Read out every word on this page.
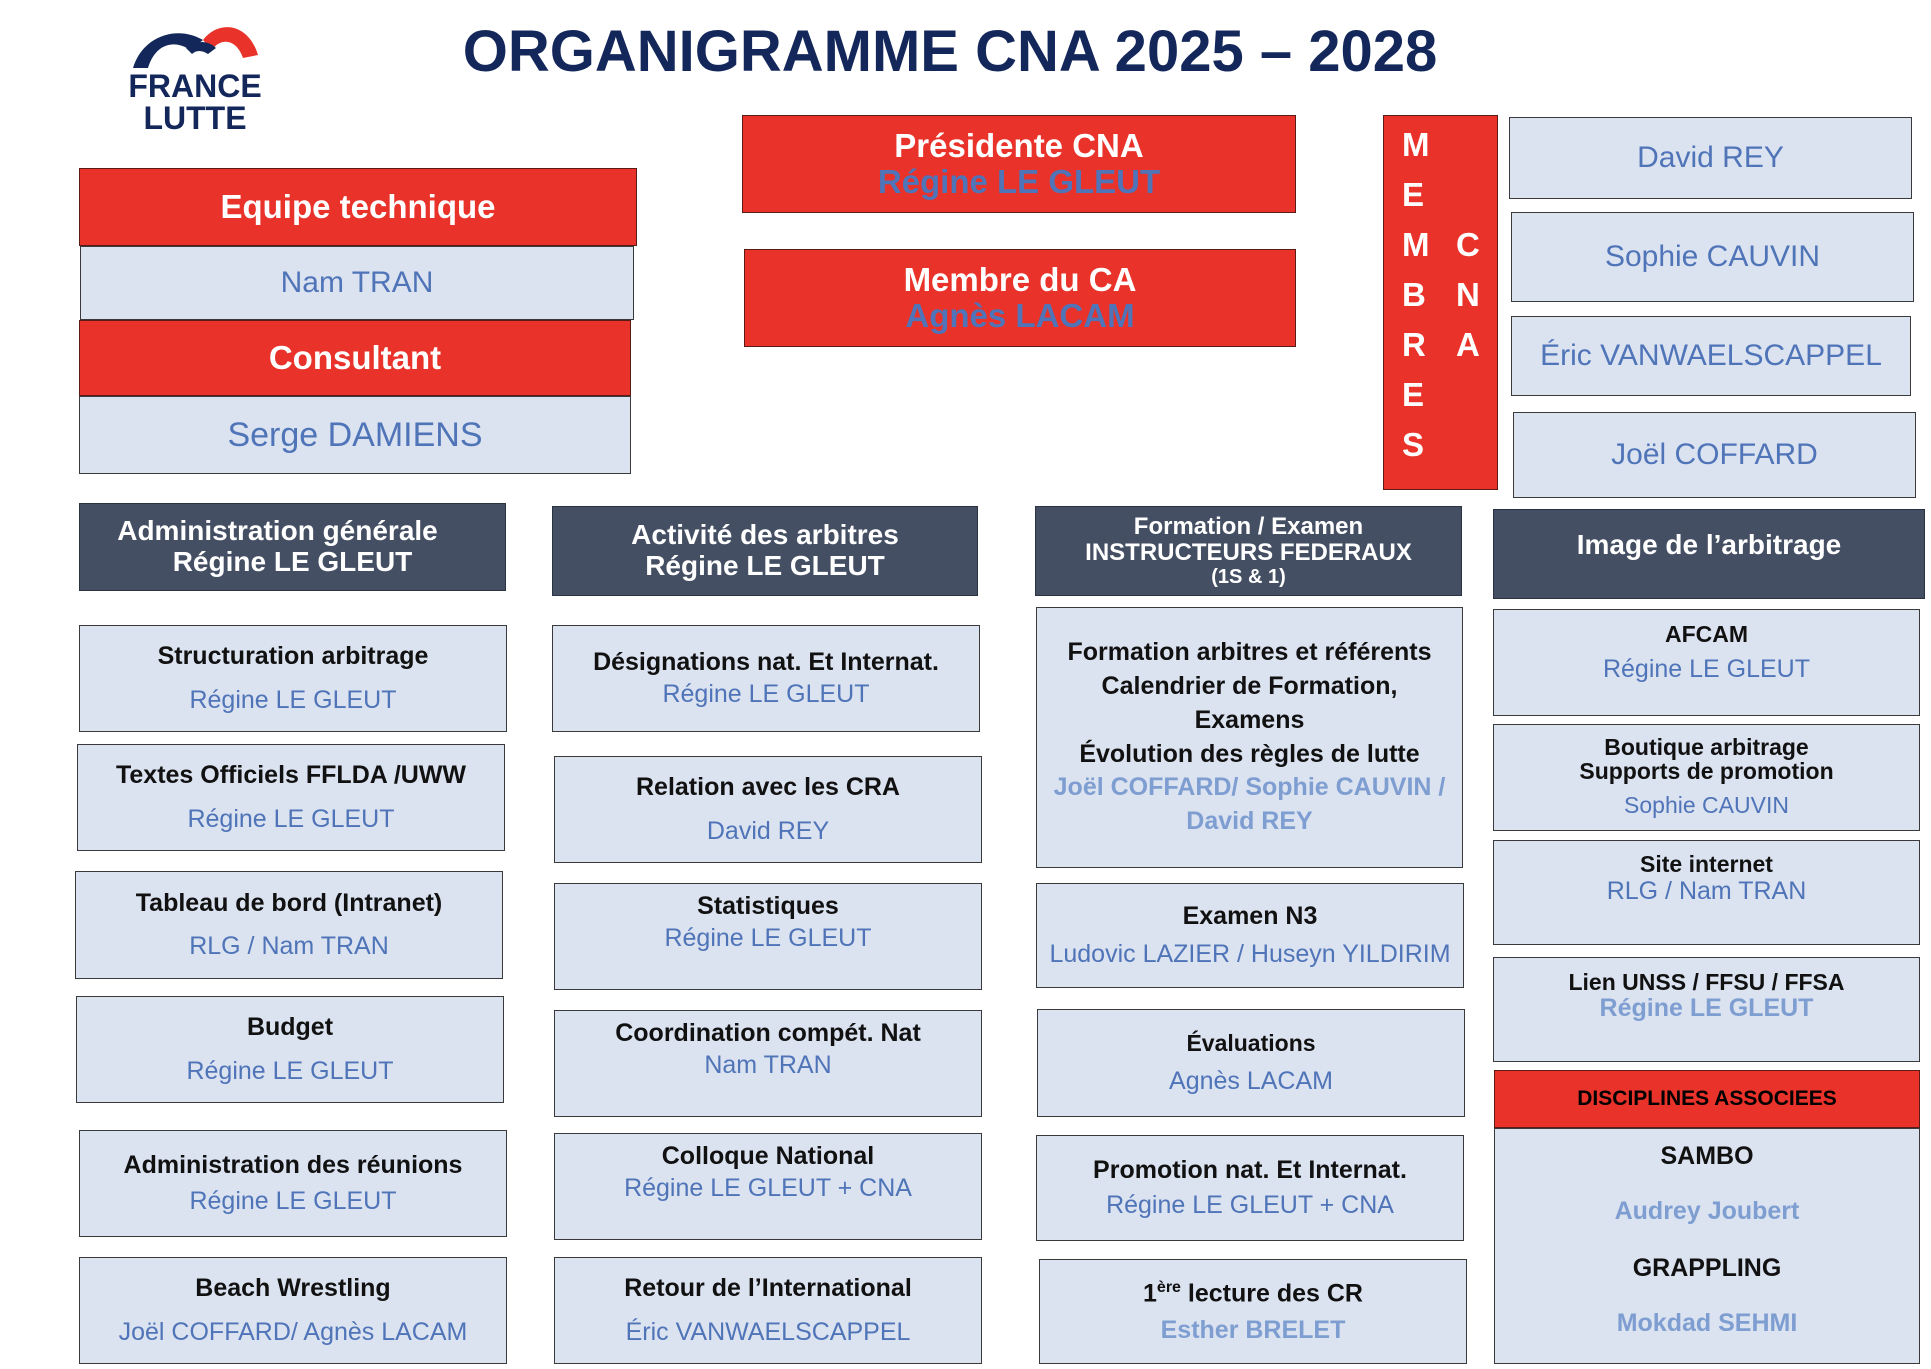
ORGANIGRAMME CNA 2025 – 2028
FRANCE
LUTTE
Equipe technique
Nam TRAN
Consultant
Serge DAMIENS
Présidente CNA
Régine LE GLEUT
Membre du CA
Agnès LACAM
M
E
M
B
R
E
S
C
N
A
David REY
Sophie CAUVIN
Éric VANWAELSCAPPEL
Joël COFFARD
Administration générale
Régine LE GLEUT
Activité des arbitres
Régine LE GLEUT
Formation / Examen
INSTRUCTEURS FEDERAUX
(1S & 1)
Image de l’arbitrage
Structuration arbitrage
Régine LE GLEUT
Textes Officiels FFLDA /UWW
Régine LE GLEUT
Tableau de bord (Intranet)
RLG / Nam TRAN
Budget
Régine LE GLEUT
Administration des réunions
Régine LE GLEUT
Beach Wrestling
Joël COFFARD/ Agnès LACAM
Désignations nat. Et Internat.
Régine LE GLEUT
Relation avec les CRA
David REY
Statistiques
Régine LE GLEUT
Coordination compét. Nat
Nam TRAN
Colloque National
Régine LE GLEUT + CNA
Retour de l’International
Éric VANWAELSCAPPEL
Formation arbitres et référents
Calendrier de Formation,
Examens
Évolution des règles de lutte
Joël COFFARD/ Sophie CAUVIN /
David REY
Examen N3
Ludovic LAZIER / Huseyn YILDIRIM
Évaluations
Agnès LACAM
Promotion nat. Et Internat.
Régine LE GLEUT + CNA
1ère lecture des CR
Esther BRELET
AFCAM
Régine LE GLEUT
Boutique arbitrage
Supports de promotion
Sophie CAUVIN
Site internet
RLG / Nam TRAN
Lien UNSS / FFSU / FFSA
Régine LE GLEUT
DISCIPLINES ASSOCIEES
SAMBO
Audrey Joubert
GRAPPLING
Mokdad SEHMI
